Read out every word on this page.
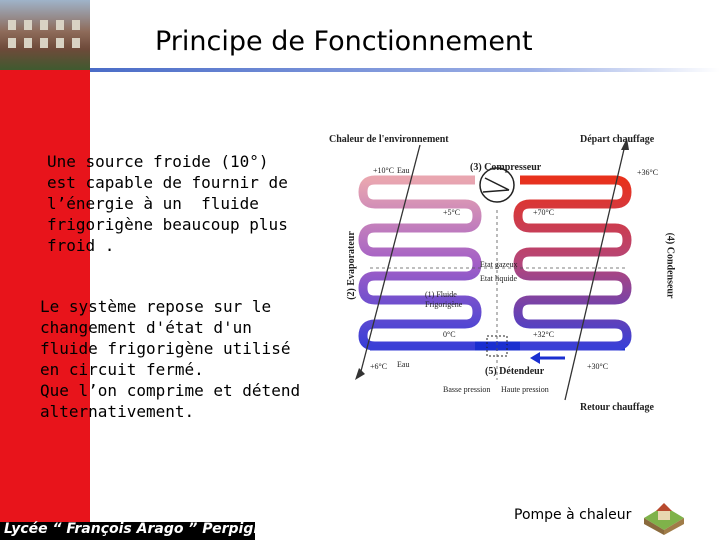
Principe de Fonctionnement
Une source froide (10°) est capable de fournir de l’énergie à un  fluide frigorigène beaucoup plus froid .
Le système repose sur le changement d'état d'un fluide frigorigène utilisé en circuit fermé.
Que l’on comprime et détend alternativement.
Chaleur de l'environnement	Départ chauffage
Retour chauffage
(3) Compresseur
(5) Détendeur
(2) Evaporateur	(4) Condenseur
(1) Fluide
Frigorigène
Etat gazeux
Etat liquide
Basse pression Haute pression
Eau
Eau
+10°C
+5°C	+70°C
+36°C
0°C	+32°C
+6°C	+30°C
Lycée “ François Arago ” Perpignan
Pompe à chaleur
